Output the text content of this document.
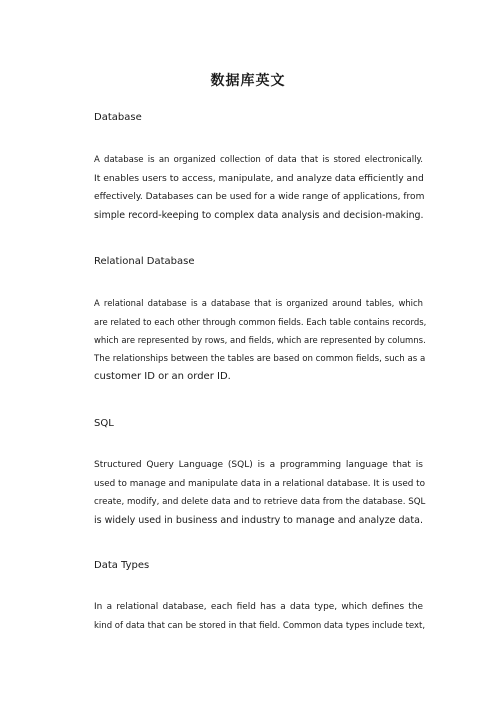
数据库英文
Database

A database is an organized collection of data that is stored electronically.
It enables users to access, manipulate, and analyze data efficiently and
effectively. Databases can be used for a wide range of applications, from
simple record-keeping to complex data analysis and decision-making.

Relational Database

A relational database is a database that is organized around tables, which
are related to each other through common fields. Each table contains records,
which are represented by rows, and fields, which are represented by columns.
The relationships between the tables are based on common fields, such as a
customer ID or an order ID.

SQL

Structured Query Language (SQL) is a programming language that is
used to manage and manipulate data in a relational database. It is used to
create, modify, and delete data and to retrieve data from the database. SQL
is widely used in business and industry to manage and analyze data.

Data Types

In a relational database, each field has a data type, which defines the
kind of data that can be stored in that field. Common data types include text,
